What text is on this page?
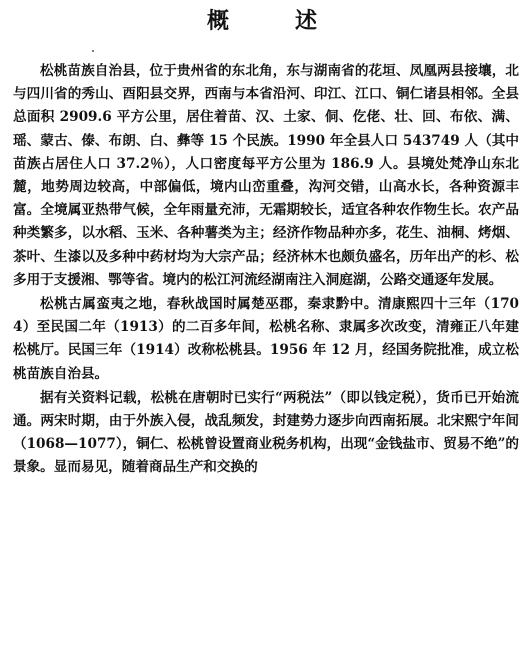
概　述

松桃苗族自治县，位于贵州省的东北角，东与湖南省的花垣、凤凰两县接壤，北与四川省的秀山、酉阳县交界，西南与本省沿河、印江、江口、铜仁诸县相邻。全县总面积 2909.6 平方公里，居住着苗、汉、土家、侗、仡佬、壮、回、布依、满、瑶、蒙古、傣、布朗、白、彝等 15 个民族。1990 年全县人口 543749 人（其中苗族占居住人口 37.2％），人口密度每平方公里为 186.9 人。县境处梵净山东北麓，地势周边较高，中部偏低，境内山峦重叠，沟河交错，山高水长，各种资源丰富。全境属亚热带气候，全年雨量充沛，无霜期较长，适宜各种农作物生长。农产品种类繁多，以水稻、玉米、各种薯类为主；经济作物品种亦多，花生、油桐、烤烟、茶叶、生漆以及多种中药材均为大宗产品；经济林木也颇负盛名，历年出产的杉、松多用于支援湘、鄂等省。境内的松江河流经湖南注入洞庭湖，公路交通逐年发展。

松桃古属蛮夷之地，春秋战国时属楚巫郡，秦隶黔中。清康熙四十三年（1704）至民国二年（1913）的二百多年间，松桃名称、隶属多次改变，清雍正八年建松桃厅。民国三年（1914）改称松桃县。1956 年 12 月，经国务院批准，成立松桃苗族自治县。

据有关资料记载，松桃在唐朝时已实行“两税法”（即以钱定税），货币已开始流通。两宋时期，由于外族入侵，战乱频发，封建势力逐步向西南拓展。北宋熙宁年间（1068—1077），铜仁、松桃曾设置商业税务机构，出现“金钱盐市、贸易不绝”的景象。显而易见，随着商品生产和交换的
